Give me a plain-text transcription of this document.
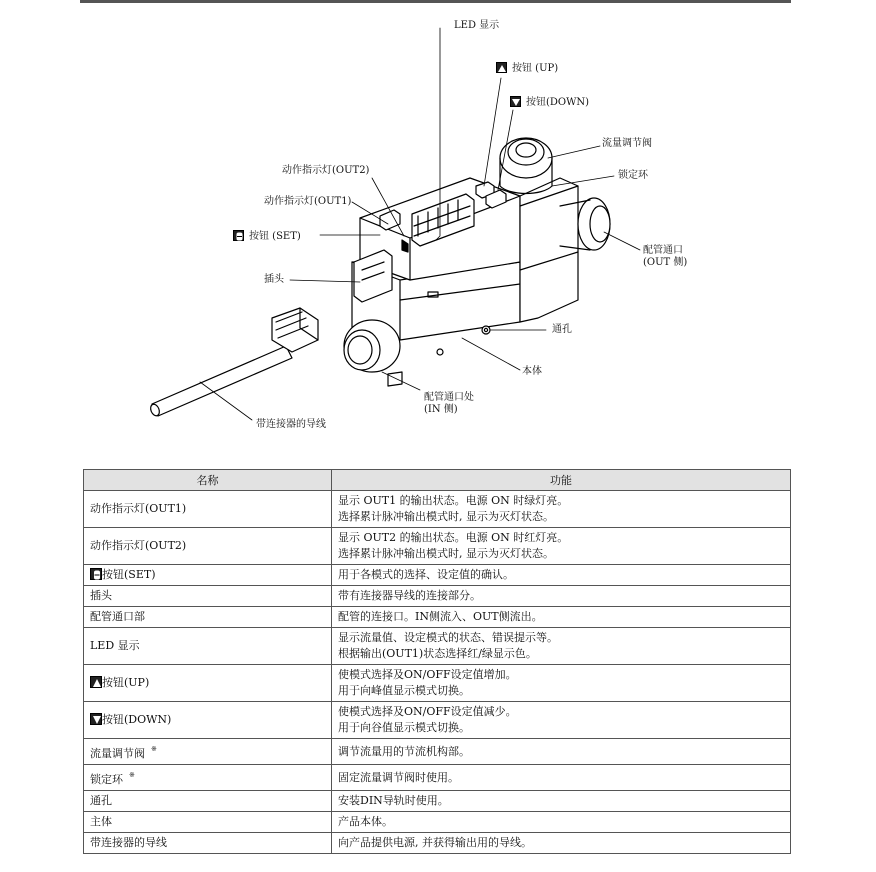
LED 显示
按钮 (UP)
按钮(DOWN)
流量调节阀
锁定环
动作指示灯(OUT2)
动作指示灯(OUT1)
按钮 (SET)
插头
配管通口
(OUT 侧)
通孔
本体
配管通口处
(IN 侧)
带连接器的导线
名称	功能
动作指示灯(OUT1)	显示 OUT1 的输出状态。电源 ON 时绿灯亮。
选择累计脉冲输出模式时, 显示为灭灯状态。

动作指示灯(OUT2)	显示 OUT2 的输出状态。电源 ON 时红灯亮。
选择累计脉冲输出模式时, 显示为灭灯状态。

按钮(SET)	用于各模式的选择、设定值的确认。

插头	带有连接器导线的连接部分。

配管通口部	配管的连接口。IN侧流入、OUT侧流出。

LED 显示	显示流量值、设定模式的状态、错误提示等。
根据输出(OUT1)状态选择红/绿显示色。

按钮(UP)	使模式选择及ON/OFF设定值增加。
用于向峰值显示模式切换。

按钮(DOWN)	使模式选择及ON/OFF设定值减少。
用于向谷值显示模式切换。

流量调节阀 ※	调节流量用的节流机构部。

锁定环 ※	固定流量调节阀时使用。

通孔	安装DIN导轨时使用。

主体	产品本体。

带连接器的导线	向产品提供电源, 并获得输出用的导线。
